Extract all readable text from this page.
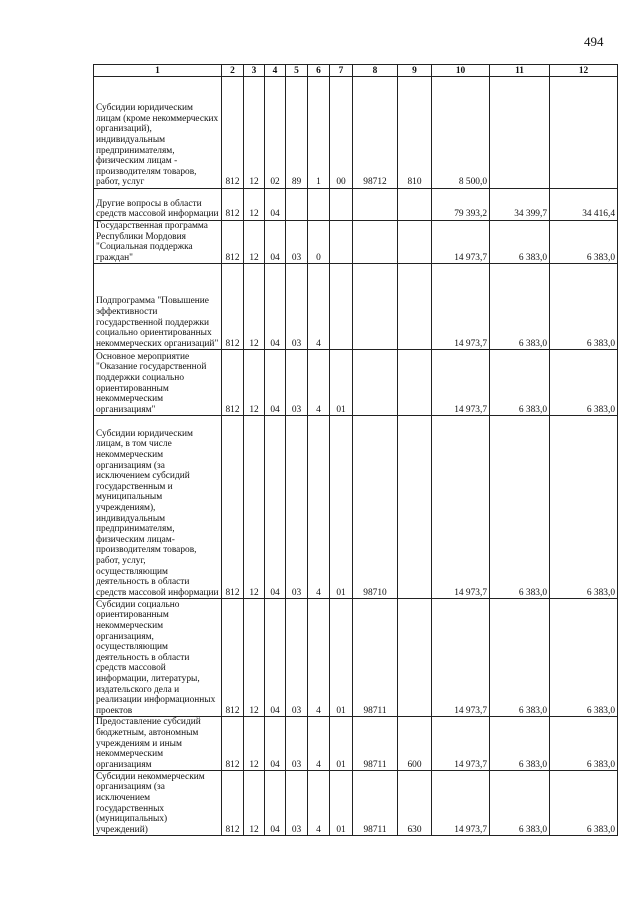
494
1	2	3	4	5	6	7	8	9	10	11	12
Субсидии юридическим лицам (кроме некоммерческих организаций), индивидуальным предпринимателям, физическим лицам - производителям товаров, работ, услуг	812	12	02	89	1	00	98712	810	8 500,0		
Другие вопросы в области средств массовой информации	812	12	04						79 393,2	34 399,7	34 416,4
Государственная программа Республики Мордовия "Социальная поддержка граждан"	812	12	04	03	0				14 973,7	6 383,0	6 383,0
Подпрограмма "Повышение эффективности государственной поддержки социально ориентированных некоммерческих организаций"	812	12	04	03	4				14 973,7	6 383,0	6 383,0
Основное мероприятие "Оказание государственной поддержки социально ориентированным некоммерческим организациям"	812	12	04	03	4	01			14 973,7	6 383,0	6 383,0
Субсидии юридическим лицам, в том числе некоммерческим организациям (за исключением субсидий государственным и муниципальным учреждениям), индивидуальным предпринимателям, физическим лицам-производителям товаров, работ, услуг, осуществляющим деятельность в области средств массовой информации	812	12	04	03	4	01	98710		14 973,7	6 383,0	6 383,0
Субсидии социально ориентированным некоммерческим организациям, осуществляющим деятельность в области средств массовой информации, литературы, издательского дела и реализации информационных проектов	812	12	04	03	4	01	98711		14 973,7	6 383,0	6 383,0
Предоставление субсидий бюджетным, автономным учреждениям и иным некоммерческим организациям	812	12	04	03	4	01	98711	600	14 973,7	6 383,0	6 383,0
Субсидии некоммерческим организациям (за исключением государственных (муниципальных) учреждений)	812	12	04	03	4	01	98711	630	14 973,7	6 383,0	6 383,0
